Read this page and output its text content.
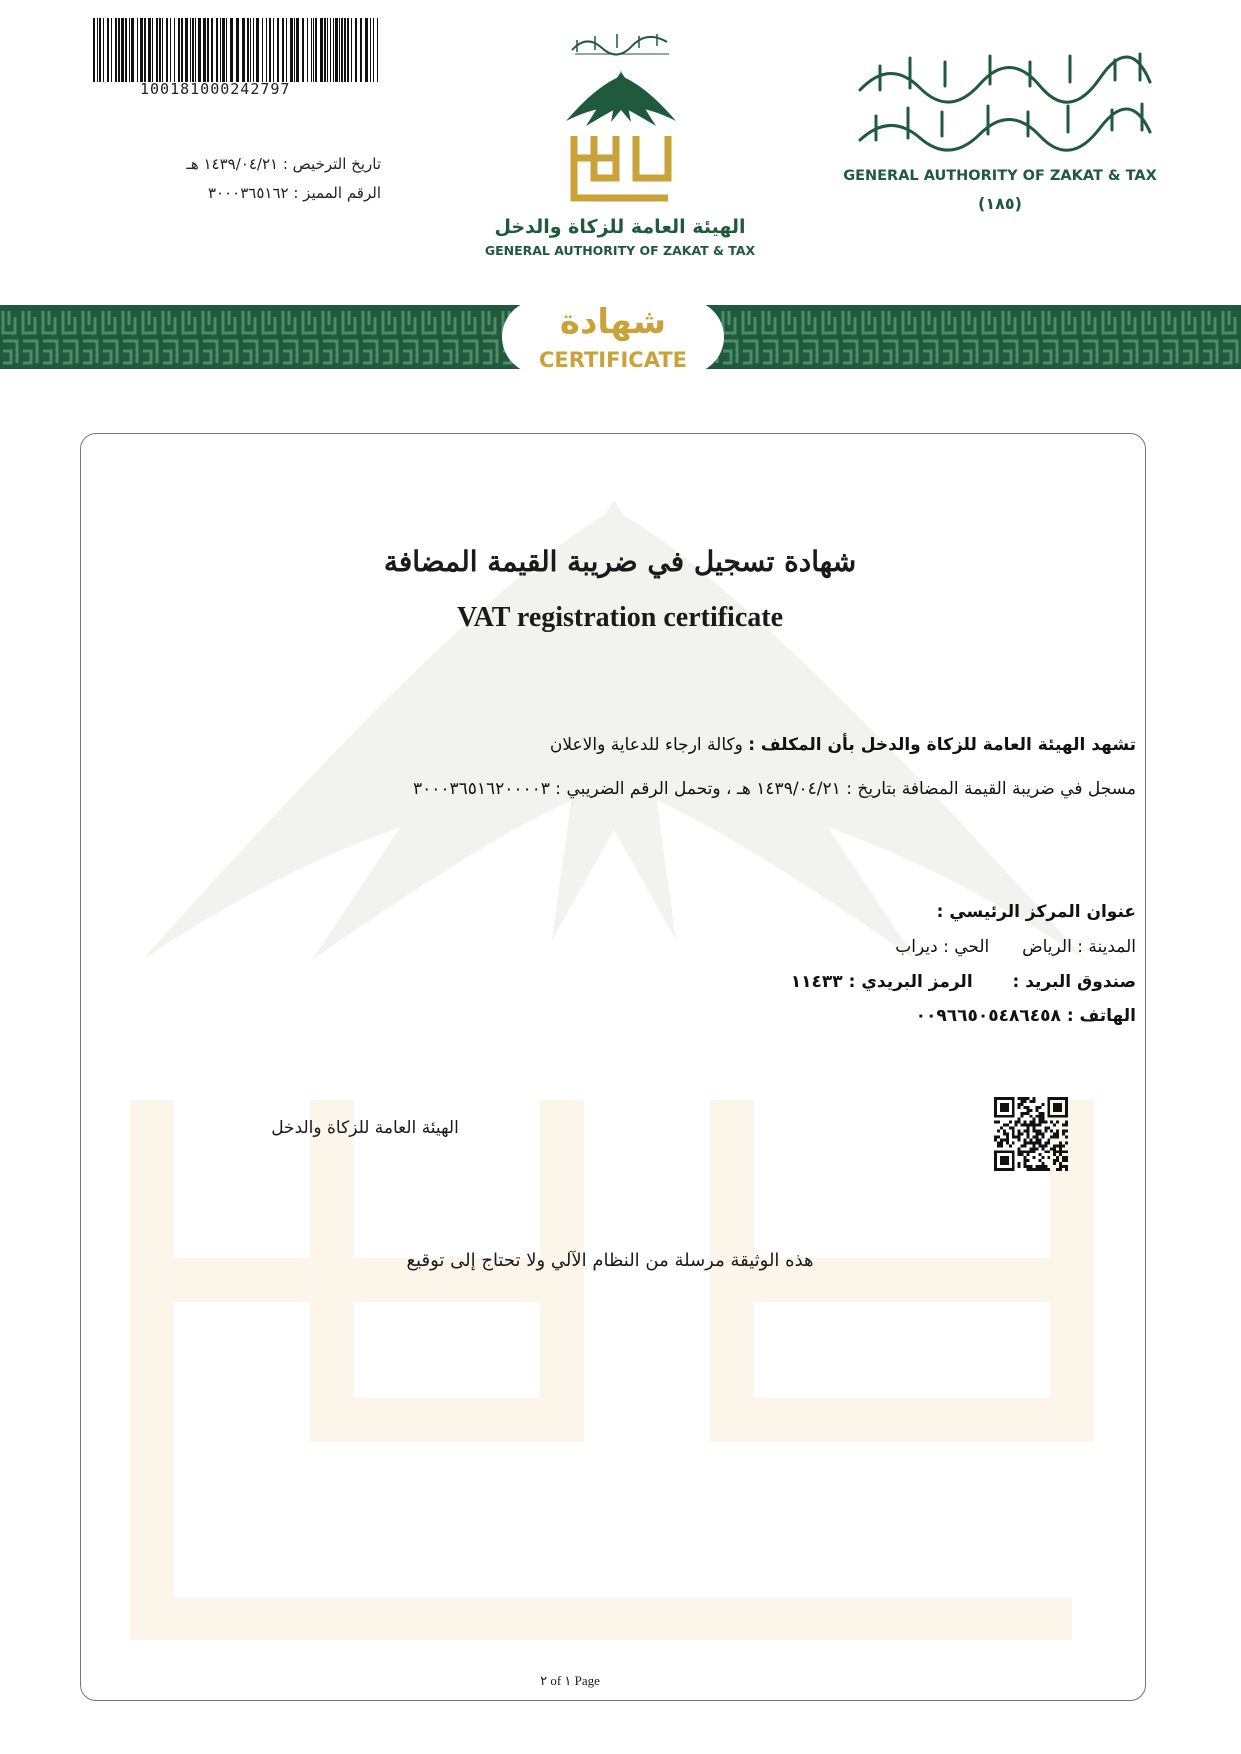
100181000242797
تاريخ الترخيص : ١٤٣٩/٠٤/٢١ هـ
الرقم المميز : ٣٠٠٠٣٦٥١٦٢
الهيئة العامة للزكاة والدخل
GENERAL AUTHORITY OF ZAKAT & TAX
GENERAL AUTHORITY OF ZAKAT & TAX
(١٨٥)
شهادة
CERTIFICATE
شهادة تسجيل في ضريبة القيمة المضافة
VAT registration certificate
تشهد الهيئة العامة للزكاة والدخل بأن المكلف : وكالة ارجاء للدعاية والاعلان
مسجل في ضريبة القيمة المضافة بتاريخ : ١٤٣٩/٠٤/٢١ هـ ، وتحمل الرقم الضريبي : ٣٠٠٠٣٦٥١٦٢٠٠٠٠٣
عنوان المركز الرئيسي :
المدينة : الرياض  الحي : ديراب
صندوق البريد :  الرمز البريدي : ١١٤٣٣
الهاتف : ٠٠٩٦٦٥٠٥٤٨٦٤٥٨
الهيئة العامة للزكاة والدخل
هذه الوثيقة مرسلة من النظام الآلي ولا تحتاج إلى توقيع
٢ of ١ Page
